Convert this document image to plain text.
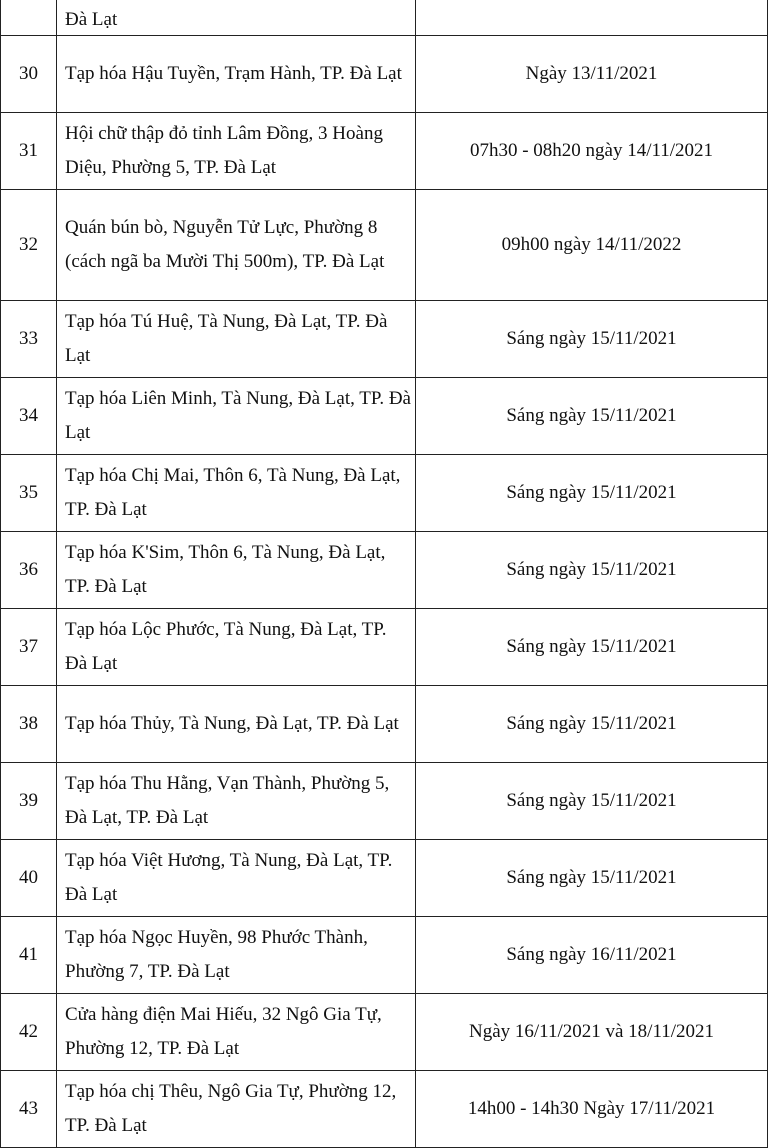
	Đà Lạt	
30	Tạp hóa Hậu Tuyền, Trạm Hành, TP. Đà Lạt	Ngày 13/11/2021
31	Hội chữ thập đỏ tỉnh Lâm Đồng, 3 Hoàng Diệu, Phường 5, TP. Đà Lạt	07h30 - 08h20 ngày 14/11/2021
32	Quán bún bò, Nguyễn Tử Lực, Phường 8 (cách ngã ba Mười Thị 500m), TP. Đà Lạt	09h00 ngày 14/11/2022
33	Tạp hóa Tú Huệ, Tà Nung, Đà Lạt, TP. Đà Lạt	Sáng ngày 15/11/2021
34	Tạp hóa Liên Minh, Tà Nung, Đà Lạt, TP. Đà Lạt	Sáng ngày 15/11/2021
35	Tạp hóa Chị Mai, Thôn 6, Tà Nung, Đà Lạt, TP. Đà Lạt	Sáng ngày 15/11/2021
36	Tạp hóa K'Sim, Thôn 6, Tà Nung, Đà Lạt, TP. Đà Lạt	Sáng ngày 15/11/2021
37	Tạp hóa Lộc Phước, Tà Nung, Đà Lạt, TP. Đà Lạt	Sáng ngày 15/11/2021
38	Tạp hóa Thủy, Tà Nung, Đà Lạt, TP. Đà Lạt	Sáng ngày 15/11/2021
39	Tạp hóa Thu Hằng, Vạn Thành, Phường 5, Đà Lạt, TP. Đà Lạt	Sáng ngày 15/11/2021
40	Tạp hóa Việt Hương, Tà Nung, Đà Lạt, TP. Đà Lạt	Sáng ngày 15/11/2021
41	Tạp hóa Ngọc Huyền, 98 Phước Thành, Phường 7, TP. Đà Lạt	Sáng ngày 16/11/2021
42	Cửa hàng điện Mai Hiếu, 32 Ngô Gia Tự, Phường 12, TP. Đà Lạt	Ngày 16/11/2021 và 18/11/2021
43	Tạp hóa chị Thêu, Ngô Gia Tự, Phường 12, TP. Đà Lạt	14h00 - 14h30 Ngày 17/11/2021
